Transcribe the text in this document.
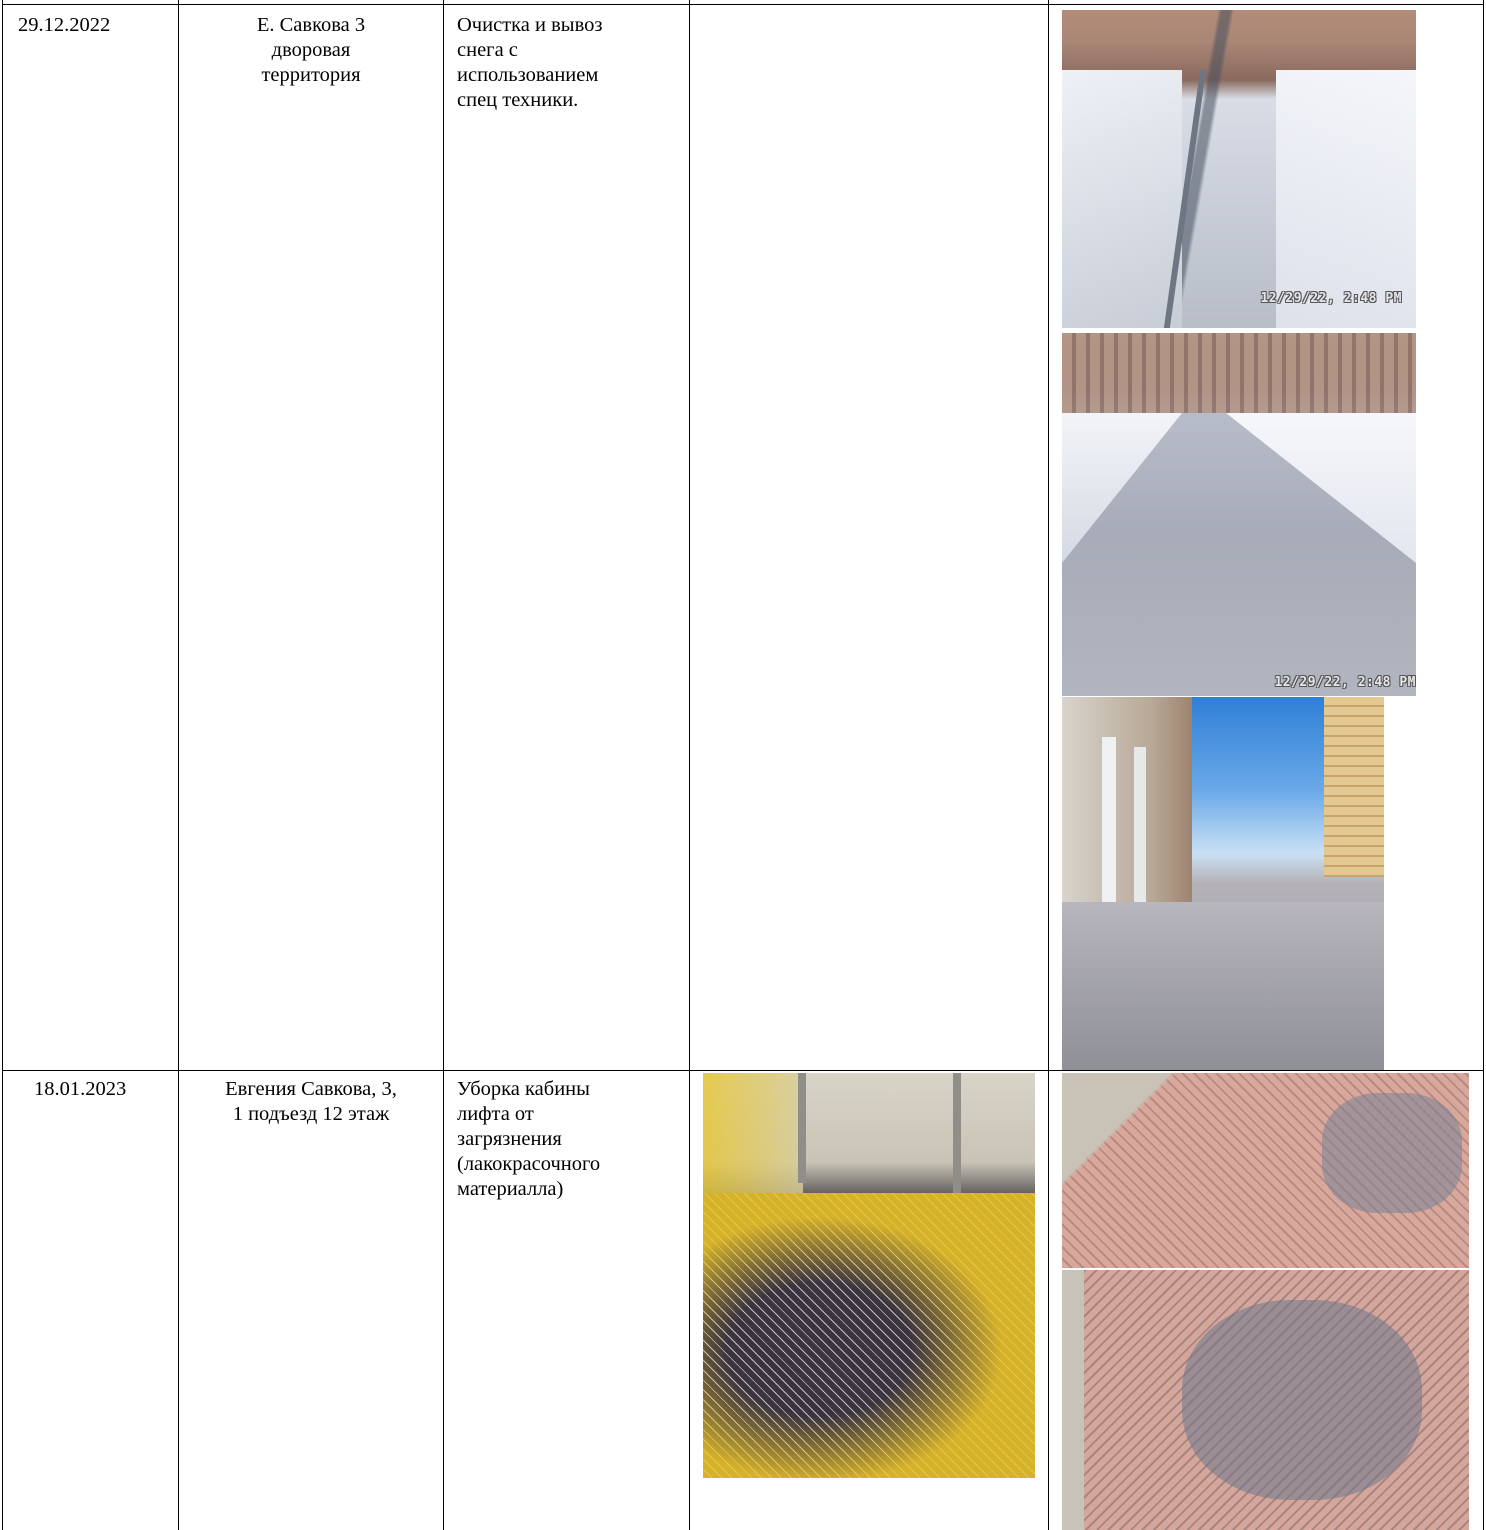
29.12.2022	Е. Савкова 3
дворовая
территория
Очистка и вывоз
снега с
использованием
спец техники.
12/29/22, 2:48 PM
12/29/22, 2:48 PM
18.01.2023	Евгения Савкова, 3,
1 подъезд 12 этаж
Уборка кабины
лифта от
загрязнения
(лакокрасочного
материалла)
